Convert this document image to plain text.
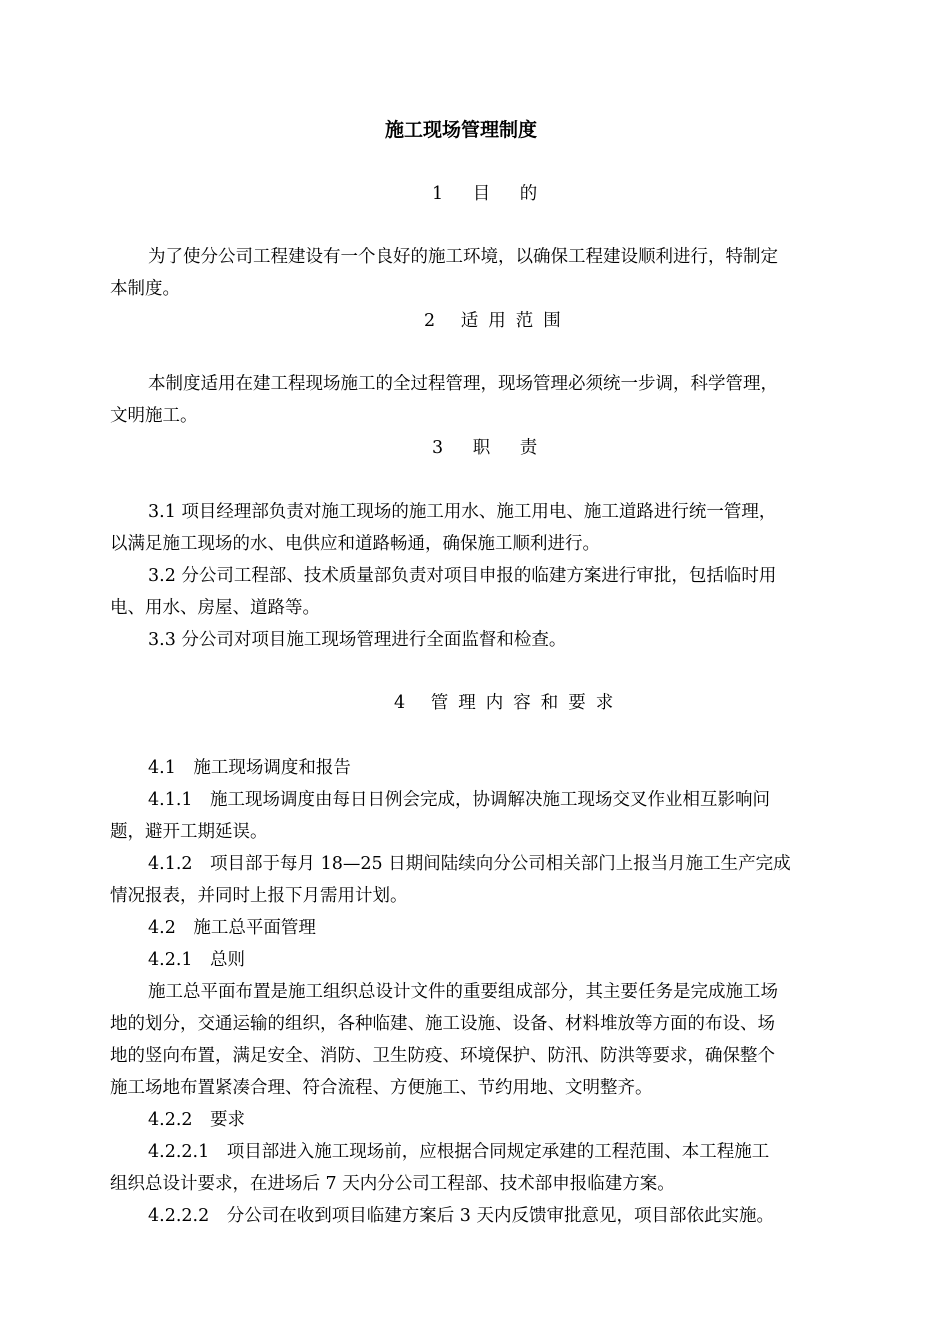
施工现场管理制度
1 目 的
为了使分公司工程建设有一个良好的施工环境，以确保工程建设顺利进行，特制定
本制度。
2 适用范围
本制度适用在建工程现场施工的全过程管理，现场管理必须统一步调，科学管理，
文明施工。
3 职 责
3.1 项目经理部负责对施工现场的施工用水、施工用电、施工道路进行统一管理，
以满足施工现场的水、电供应和道路畅通，确保施工顺利进行。
3.2 分公司工程部、技术质量部负责对项目申报的临建方案进行审批，包括临时用
电、用水、房屋、道路等。
3.3 分公司对项目施工现场管理进行全面监督和检查。
4 管理内容和要求
4.1　施工现场调度和报告
4.1.1　施工现场调度由每日日例会完成，协调解决施工现场交叉作业相互影响问
题，避开工期延误。
4.1.2　项目部于每月 18—25 日期间陆续向分公司相关部门上报当月施工生产完成
情况报表，并同时上报下月需用计划。
4.2　施工总平面管理
4.2.1　总则
施工总平面布置是施工组织总设计文件的重要组成部分，其主要任务是完成施工场
地的划分，交通运输的组织，各种临建、施工设施、设备、材料堆放等方面的布设、场
地的竖向布置，满足安全、消防、卫生防疫、环境保护、防汛、防洪等要求，确保整个
施工场地布置紧凑合理、符合流程、方便施工、节约用地、文明整齐。
4.2.2　要求
4.2.2.1　项目部进入施工现场前，应根据合同规定承建的工程范围、本工程施工
组织总设计要求，在进场后 7 天内分公司工程部、技术部申报临建方案。
4.2.2.2　分公司在收到项目临建方案后 3 天内反馈审批意见，项目部依此实施。
